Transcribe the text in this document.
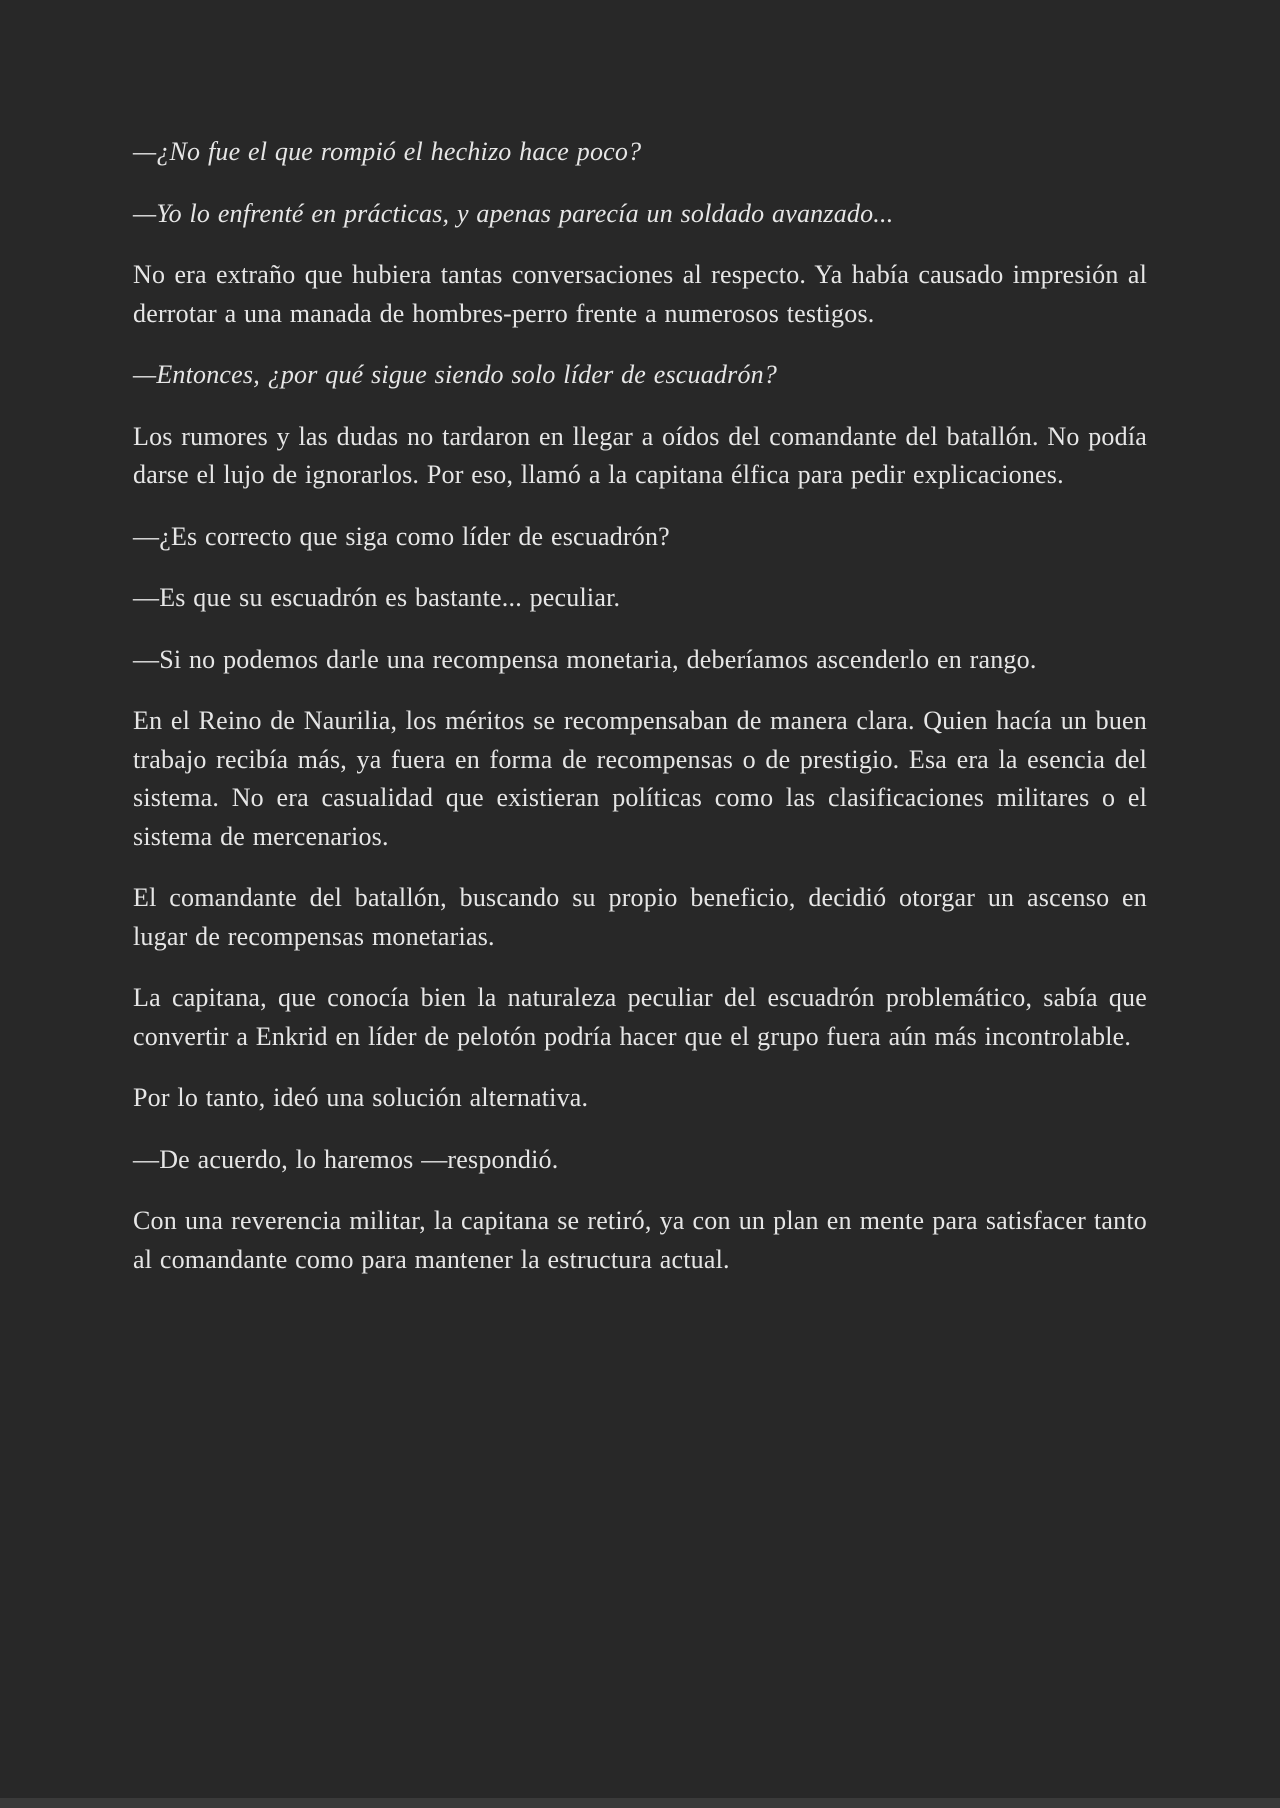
—¿No fue el que rompió el hechizo hace poco?

—Yo lo enfrenté en prácticas, y apenas parecía un soldado avanzado...

No era extraño que hubiera tantas conversaciones al respecto. Ya había causado impresión al derrotar a una manada de hombres-perro frente a numerosos testigos.

—Entonces, ¿por qué sigue siendo solo líder de escuadrón?

Los rumores y las dudas no tardaron en llegar a oídos del comandante del batallón. No podía darse el lujo de ignorarlos. Por eso, llamó a la capitana élfica para pedir explicaciones.

—¿Es correcto que siga como líder de escuadrón?

—Es que su escuadrón es bastante... peculiar.

—Si no podemos darle una recompensa monetaria, deberíamos ascenderlo en rango.

En el Reino de Naurilia, los méritos se recompensaban de manera clara. Quien hacía un buen trabajo recibía más, ya fuera en forma de recompensas o de prestigio. Esa era la esencia del sistema. No era casualidad que existieran políticas como las clasificaciones militares o el sistema de mercenarios.

El comandante del batallón, buscando su propio beneficio, decidió otorgar un ascenso en lugar de recompensas monetarias.

La capitana, que conocía bien la naturaleza peculiar del escuadrón problemático, sabía que convertir a Enkrid en líder de pelotón podría hacer que el grupo fuera aún más incontrolable.

Por lo tanto, ideó una solución alternativa.

—De acuerdo, lo haremos —respondió.

Con una reverencia militar, la capitana se retiró, ya con un plan en mente para satisfacer tanto al comandante como para mantener la estructura actual.
